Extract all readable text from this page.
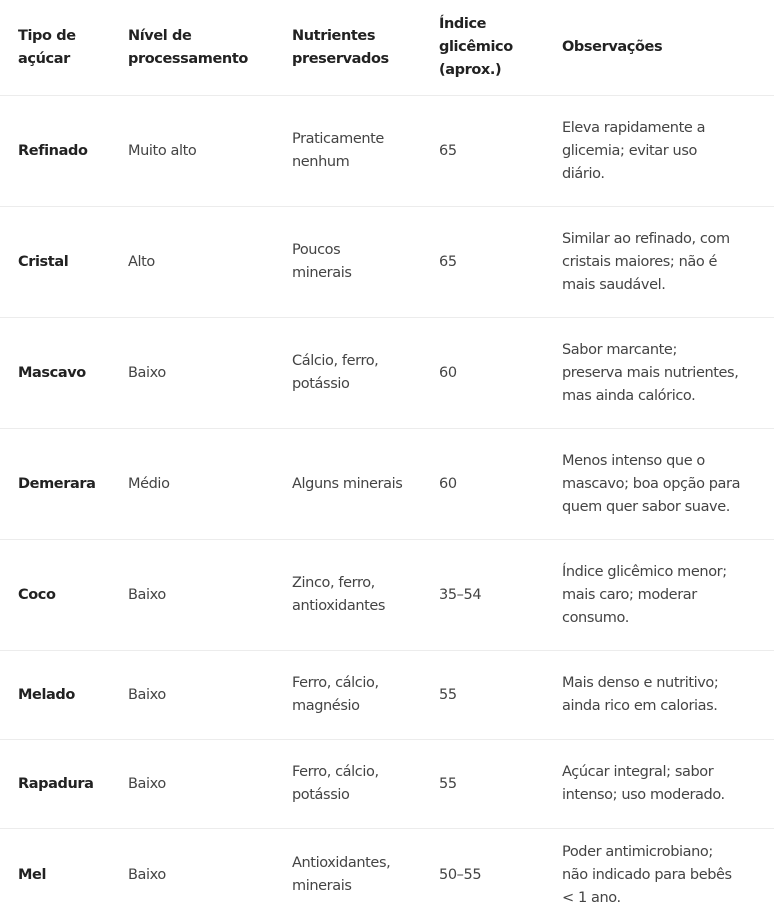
Tipo de
açúcar	Nível de
processamento	Nutrientes
preservados	Índice
glicêmico
(aprox.)	Observações

Refinado	Muito alto	Praticamente
nenhum	65	Eleva rapidamente a
glicemia; evitar uso
diário.

Cristal	Alto	Poucos
minerais	65	Similar ao refinado, com
cristais maiores; não é
mais saudável.

Mascavo	Baixo	Cálcio, ferro,
potássio	60	Sabor marcante;
preserva mais nutrientes,
mas ainda calórico.

Demerara	Médio	Alguns minerais	60	Menos intenso que o
mascavo; boa opção para
quem quer sabor suave.

Coco	Baixo	Zinco, ferro,
antioxidantes	35–54	Índice glicêmico menor;
mais caro; moderar
consumo.

Melado	Baixo	Ferro, cálcio,
magnésio	55	Mais denso e nutritivo;
ainda rico em calorias.

Rapadura	Baixo	Ferro, cálcio,
potássio	55	Açúcar integral; sabor
intenso; uso moderado.

Mel	Baixo	Antioxidantes,
minerais	50–55	Poder antimicrobiano;
não indicado para bebês
< 1 ano.
